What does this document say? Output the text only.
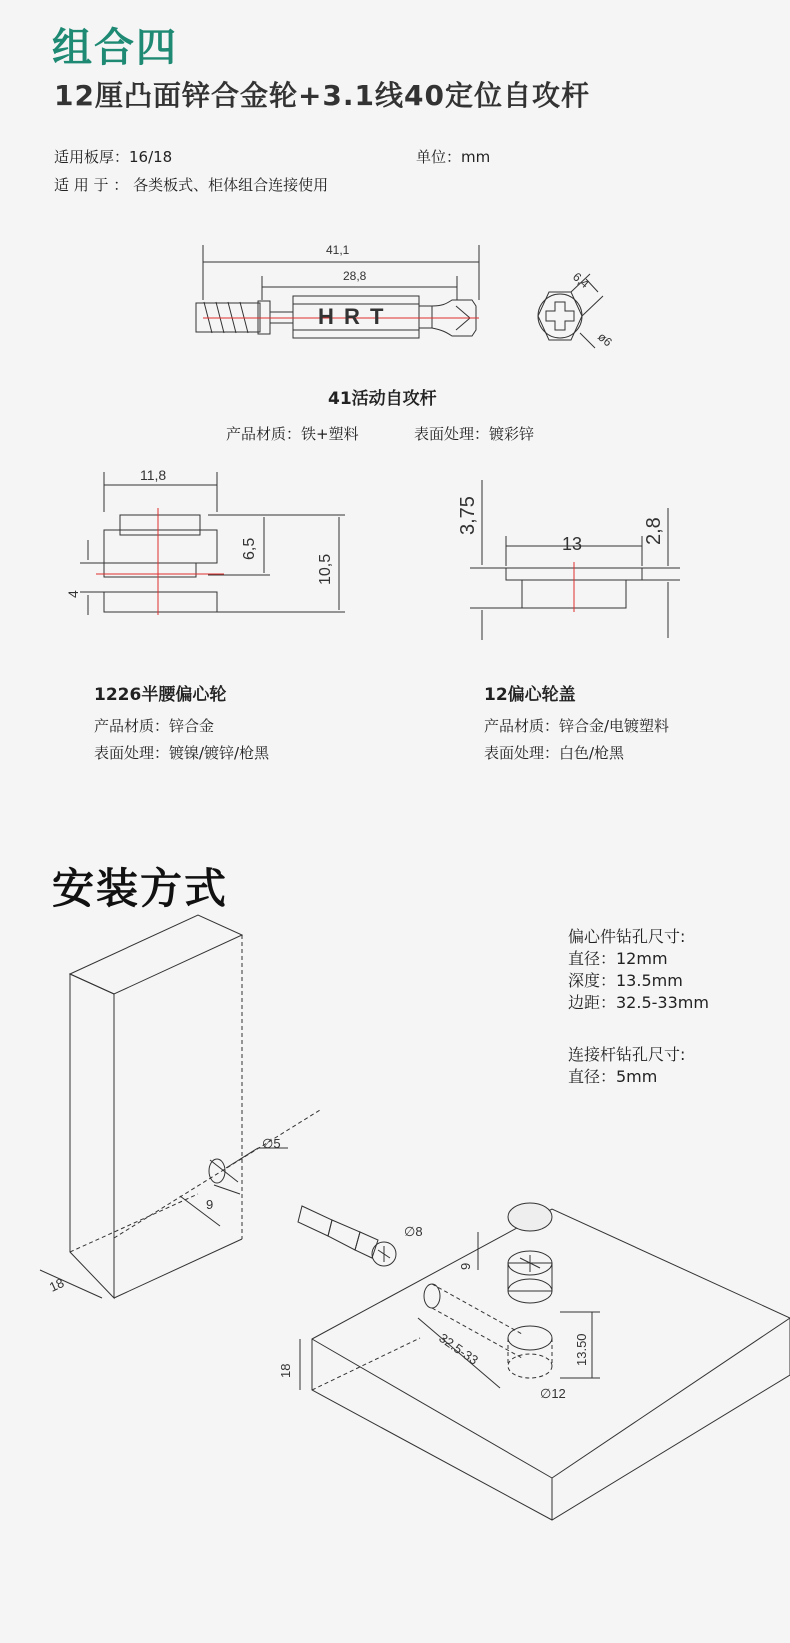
组合四
12厘凸面锌合金轮+3.1线40定位自攻杆
适用板厚：16/18	单位：mm
适 用 于 ： 各类板式、柜体组合连接使用
41,1
28,8	6,4
ø6
H R T
11,8
6,5
10,5
4
3,75
13	2,8
41活动自攻杆
产品材质：铁+塑料	表面处理：镀彩锌
1226半腰偏心轮
产品材质：锌合金
表面处理：镀镍/镀锌/枪黑
12偏心轮盖
产品材质：锌合金/电镀塑料
表面处理：白色/枪黑
安装方式
偏心件钻孔尺寸:
直径：12mm
深度：13.5mm
边距：32.5-33mm
连接杆钻孔尺寸:
直径：5mm
18
∅5
9
∅8
9
32.5-33	13.50
∅12
18
